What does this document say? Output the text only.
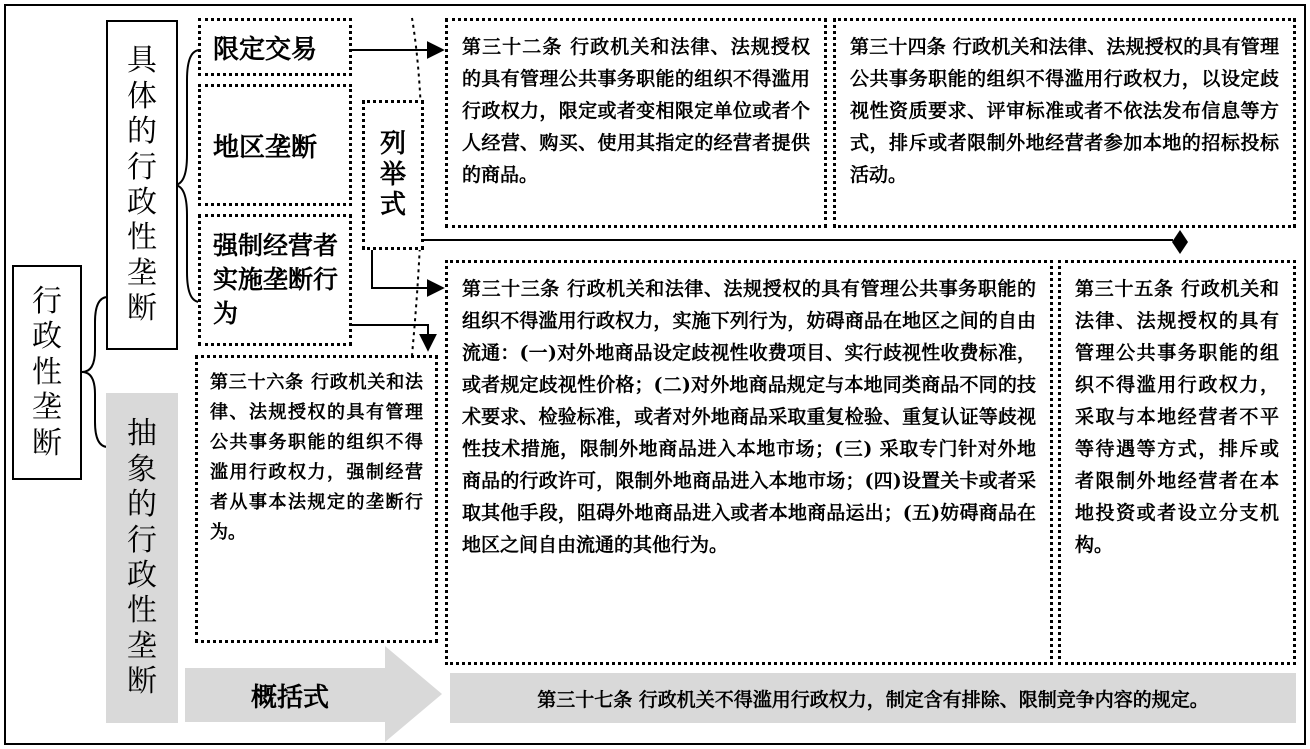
行政性垄断
具体的行政性垄断
抽象的行政性垄断
限定交易
地区垄断
强制经营者实施垄断行为
列举式

第三十二条 行政机关和法律、法规授权的具有管理公共事务职能的组织不得滥用行政权力，限定或者变相限定单位或者个人经营、购买、使用其指定的经营者提供的商品。

第三十四条 行政机关和法律、法规授权的具有管理公共事务职能的组织不得滥用行政权力，以设定歧视性资质要求、评审标准或者不依法发布信息等方式，排斥或者限制外地经营者参加本地的招标投标活动。

第三十三条 行政机关和法律、法规授权的具有管理公共事务职能的组织不得滥用行政权力，实施下列行为，妨碍商品在地区之间的自由流通：(一)对外地商品设定歧视性收费项目、实行歧视性收费标准，或者规定歧视性价格；(二)对外地商品规定与本地同类商品不同的技术要求、检验标准，或者对外地商品采取重复检验、重复认证等歧视性技术措施，限制外地商品进入本地市场；(三) 采取专门针对外地商品的行政许可，限制外地商品进入本地市场；(四)设置关卡或者采取其他手段，阻碍外地商品进入或者本地商品运出；(五)妨碍商品在地区之间自由流通的其他行为。

第三十五条 行政机关和法律、法规授权的具有管理公共事务职能的组织不得滥用行政权力，采取与本地经营者不平等待遇等方式，排斥或者限制外地经营者在本地投资或者设立分支机构。

第三十六条 行政机关和法律、法规授权的具有管理公共事务职能的组织不得滥用行政权力，强制经营者从事本法规定的垄断行为。

概括式	第三十七条 行政机关不得滥用行政权力，制定含有排除、限制竞争内容的规定。
